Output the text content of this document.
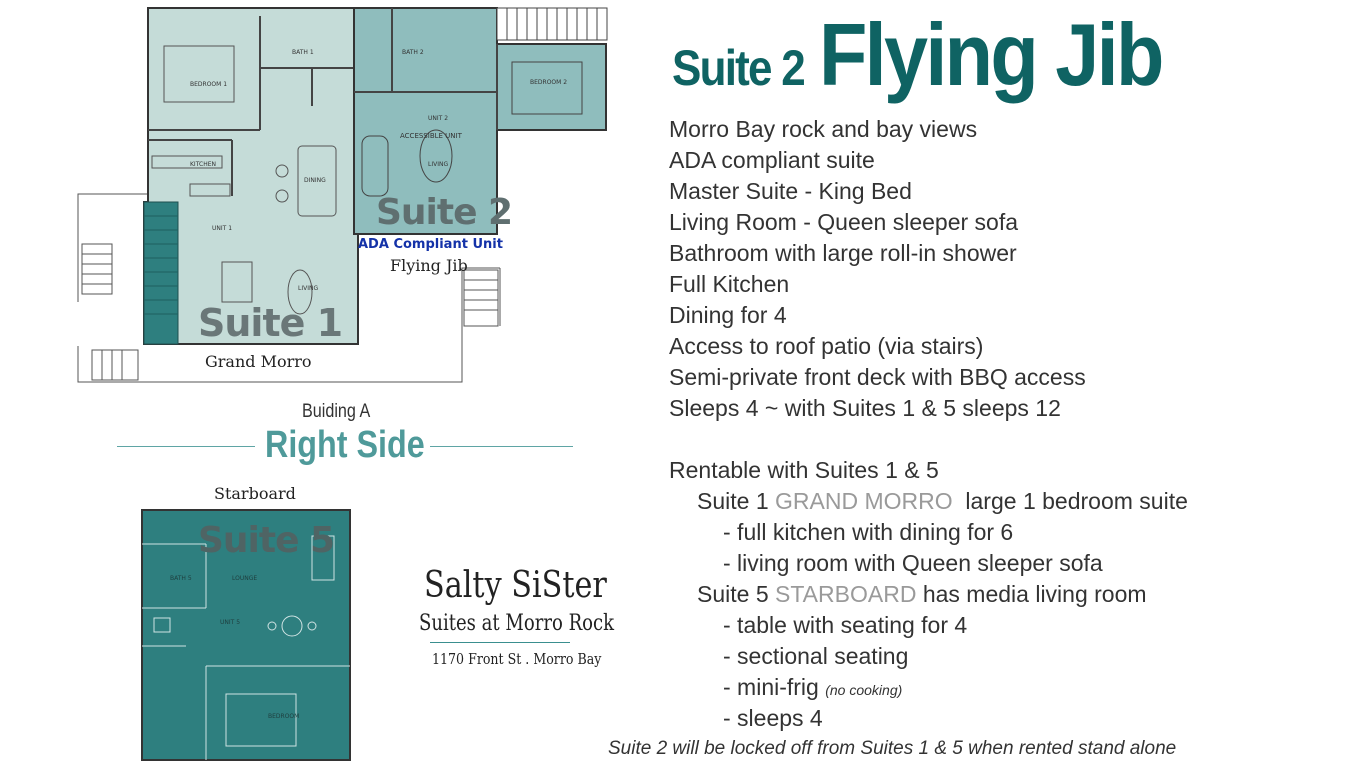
BEDROOM 1
BATH 1
KITCHEN
DINING
UNIT 1
LIVING
UNIT 2
ACCESSIBLE UNIT
LIVING
BATH 2
BEDROOM 2
Suite 1
Suite 2
ADA Compliant Unit
Flying Jib
Grand Morro
LOUNGE
BATH 5
UNIT 5
BEDROOM
Suite 5
Starboard
Buiding A
Right Side
Salty SiSter
Suites at Morro Rock
1170 Front St . Morro Bay
Suite 2 Flying Jib
Morro Bay rock and bay views
ADA compliant suite
Master Suite - King Bed
Living Room - Queen sleeper sofa
Bathroom with large roll-in shower
Full Kitchen
Dining for 4
Access to roof patio (via stairs)
Semi-private front deck with BBQ access
Sleeps 4 ~ with Suites 1 & 5 sleeps 12
Rentable with Suites 1 & 5
Suite 1 GRAND MORRO  large 1 bedroom suite
- full kitchen with dining for 6
- living room with Queen sleeper sofa
Suite 5 STARBOARD has media living room
- table with seating for 4
- sectional seating
- mini-frig (no cooking)
- sleeps 4
Suite 2 will be locked off from Suites 1 & 5 when rented stand alone
